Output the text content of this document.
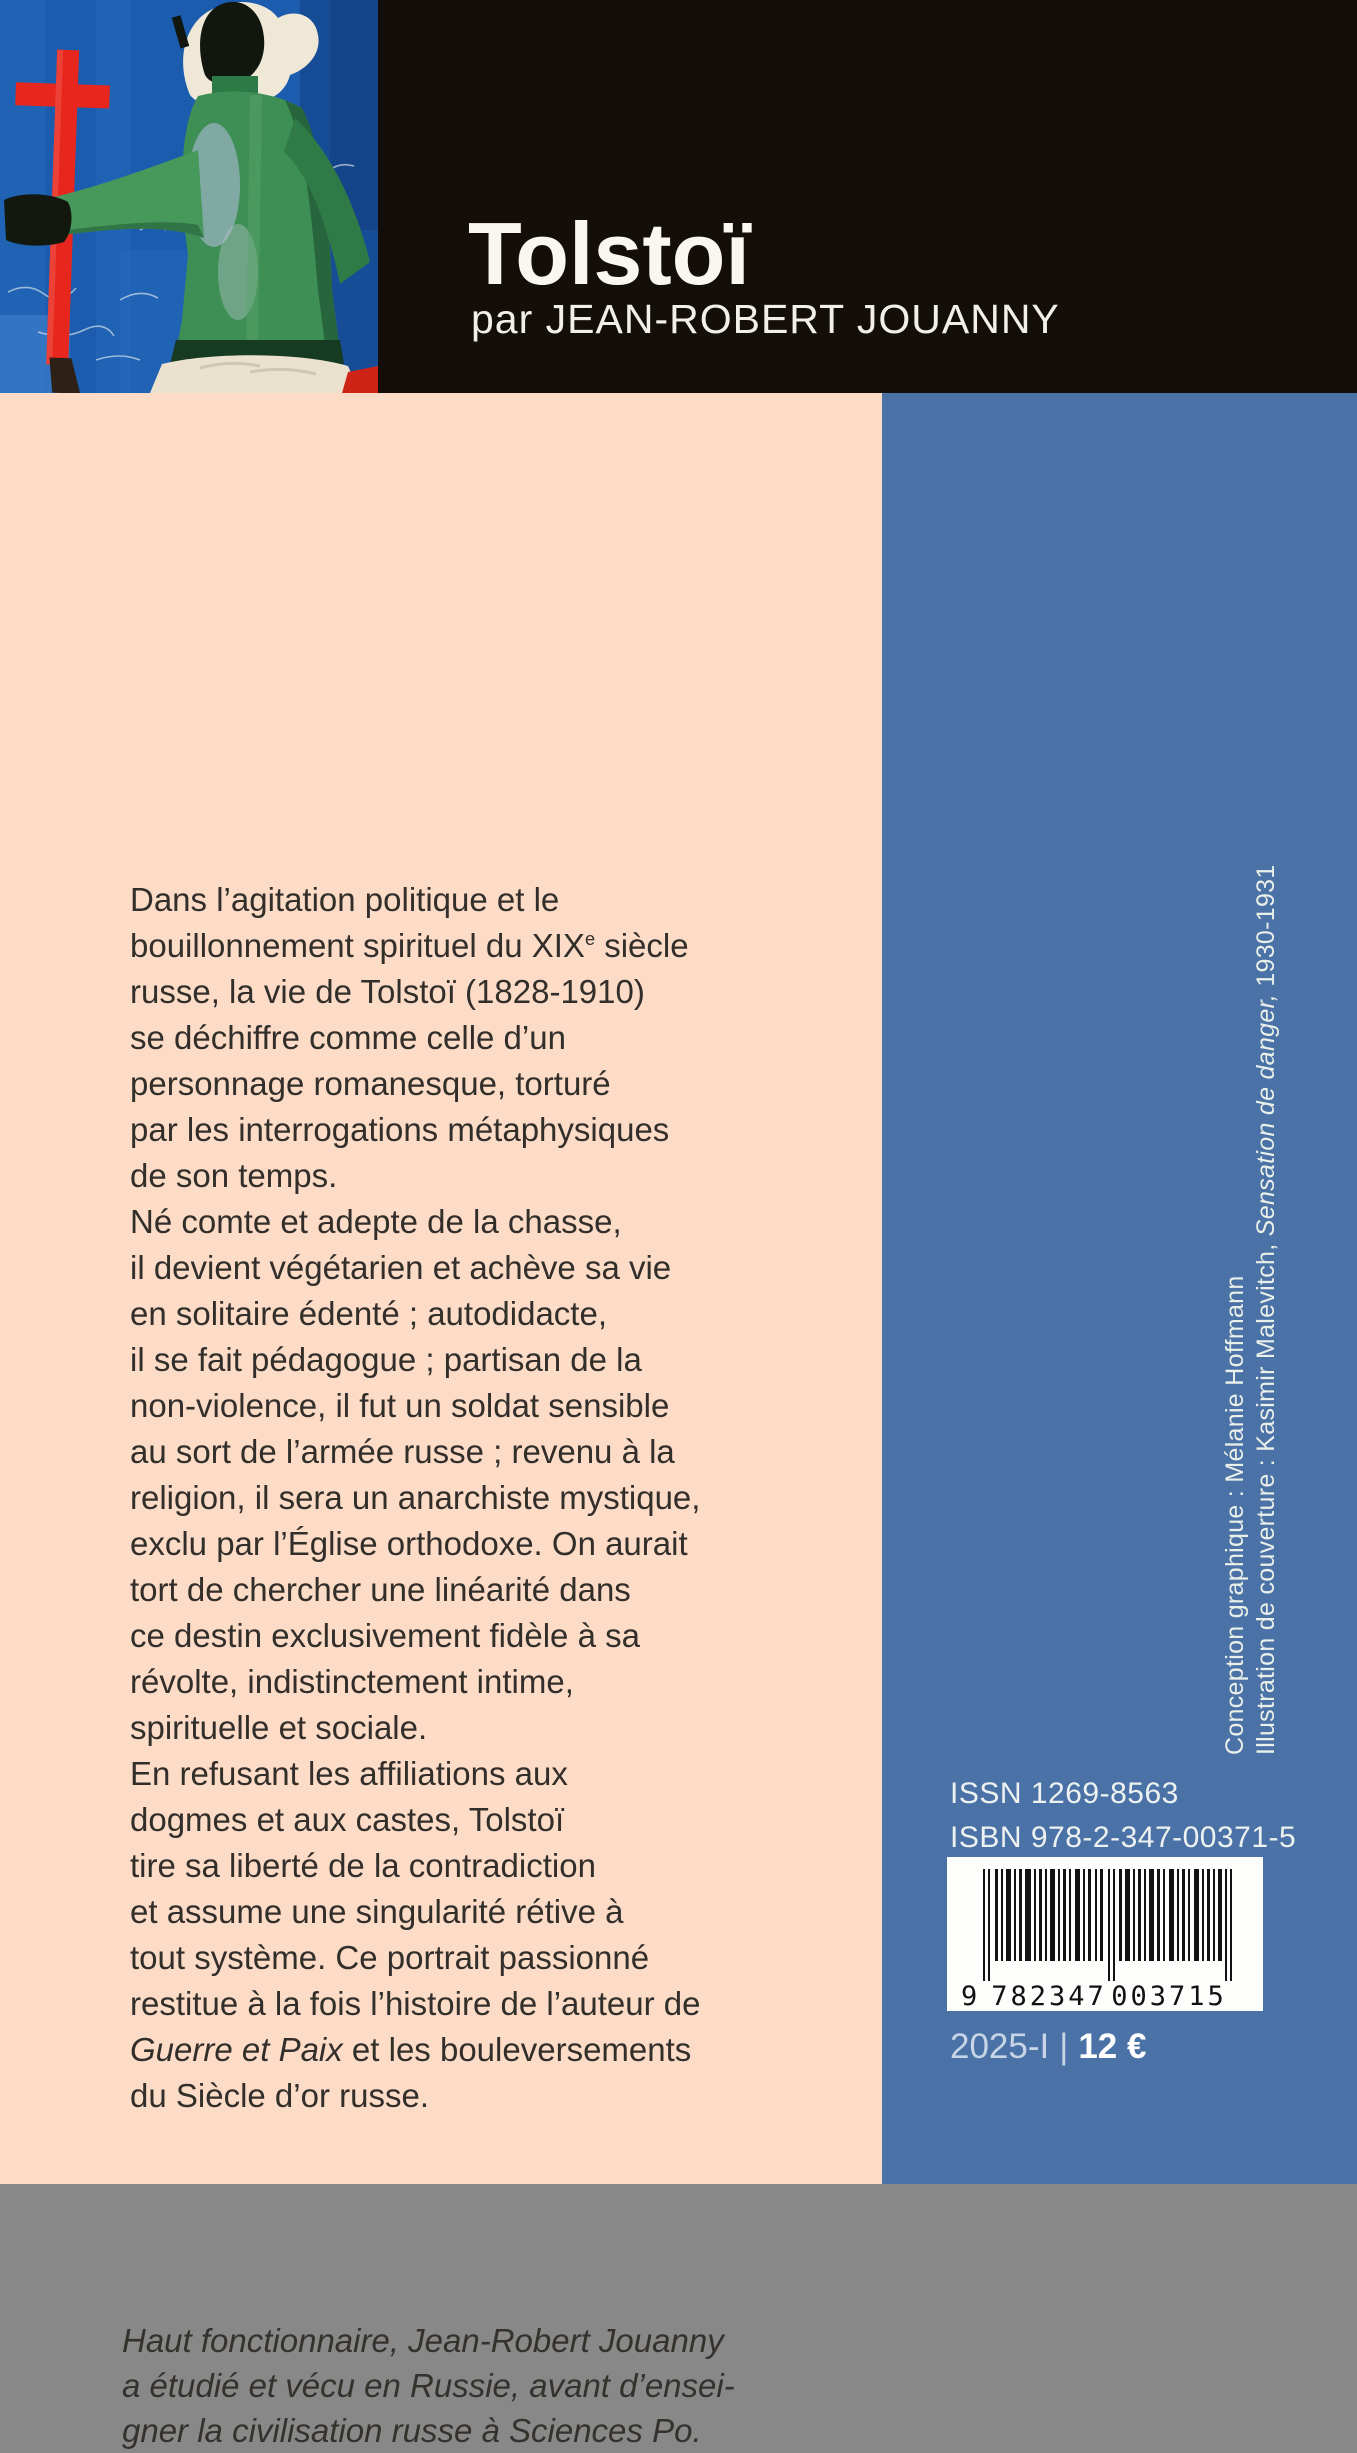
Tolstoï
par JEAN-ROBERT JOUANNY
Dans l’agitation politique et le
bouillonnement spirituel du XIXe siècle
russe, la vie de Tolstoï (1828-1910)
se déchiffre comme celle d’un
personnage romanesque, torturé
par les interrogations métaphysiques
de son temps.
Né comte et adepte de la chasse,
il devient végétarien et achève sa vie
en solitaire édenté ; autodidacte,
il se fait pédagogue ; partisan de la
non-violence, il fut un soldat sensible
au sort de l’armée russe ; revenu à la
religion, il sera un anarchiste mystique,
exclu par l’Église orthodoxe. On aurait
tort de chercher une linéarité dans
ce destin exclusivement fidèle à sa
révolte, indistinctement intime,
spirituelle et sociale.
En refusant les affiliations aux
dogmes et aux castes, Tolstoï
tire sa liberté de la contradiction
et assume une singularité rétive à
tout système. Ce portrait passionné
restitue à la fois l’histoire de l’auteur de
Guerre et Paix et les bouleversements
du Siècle d’or russe.
Haut fonctionnaire, Jean-Robert Jouanny
a étudié et vécu en Russie, avant d’ensei-
gner la civilisation russe à Sciences Po.
Conception graphique : Mélanie Hoffmann Illustration de couverture : Kasimir Malevitch, Sensation de danger, 1930-1931
ISSN 1269-8563
ISBN 978-2-347-00371-5
9 782347 003715
2025-I | 12 €
